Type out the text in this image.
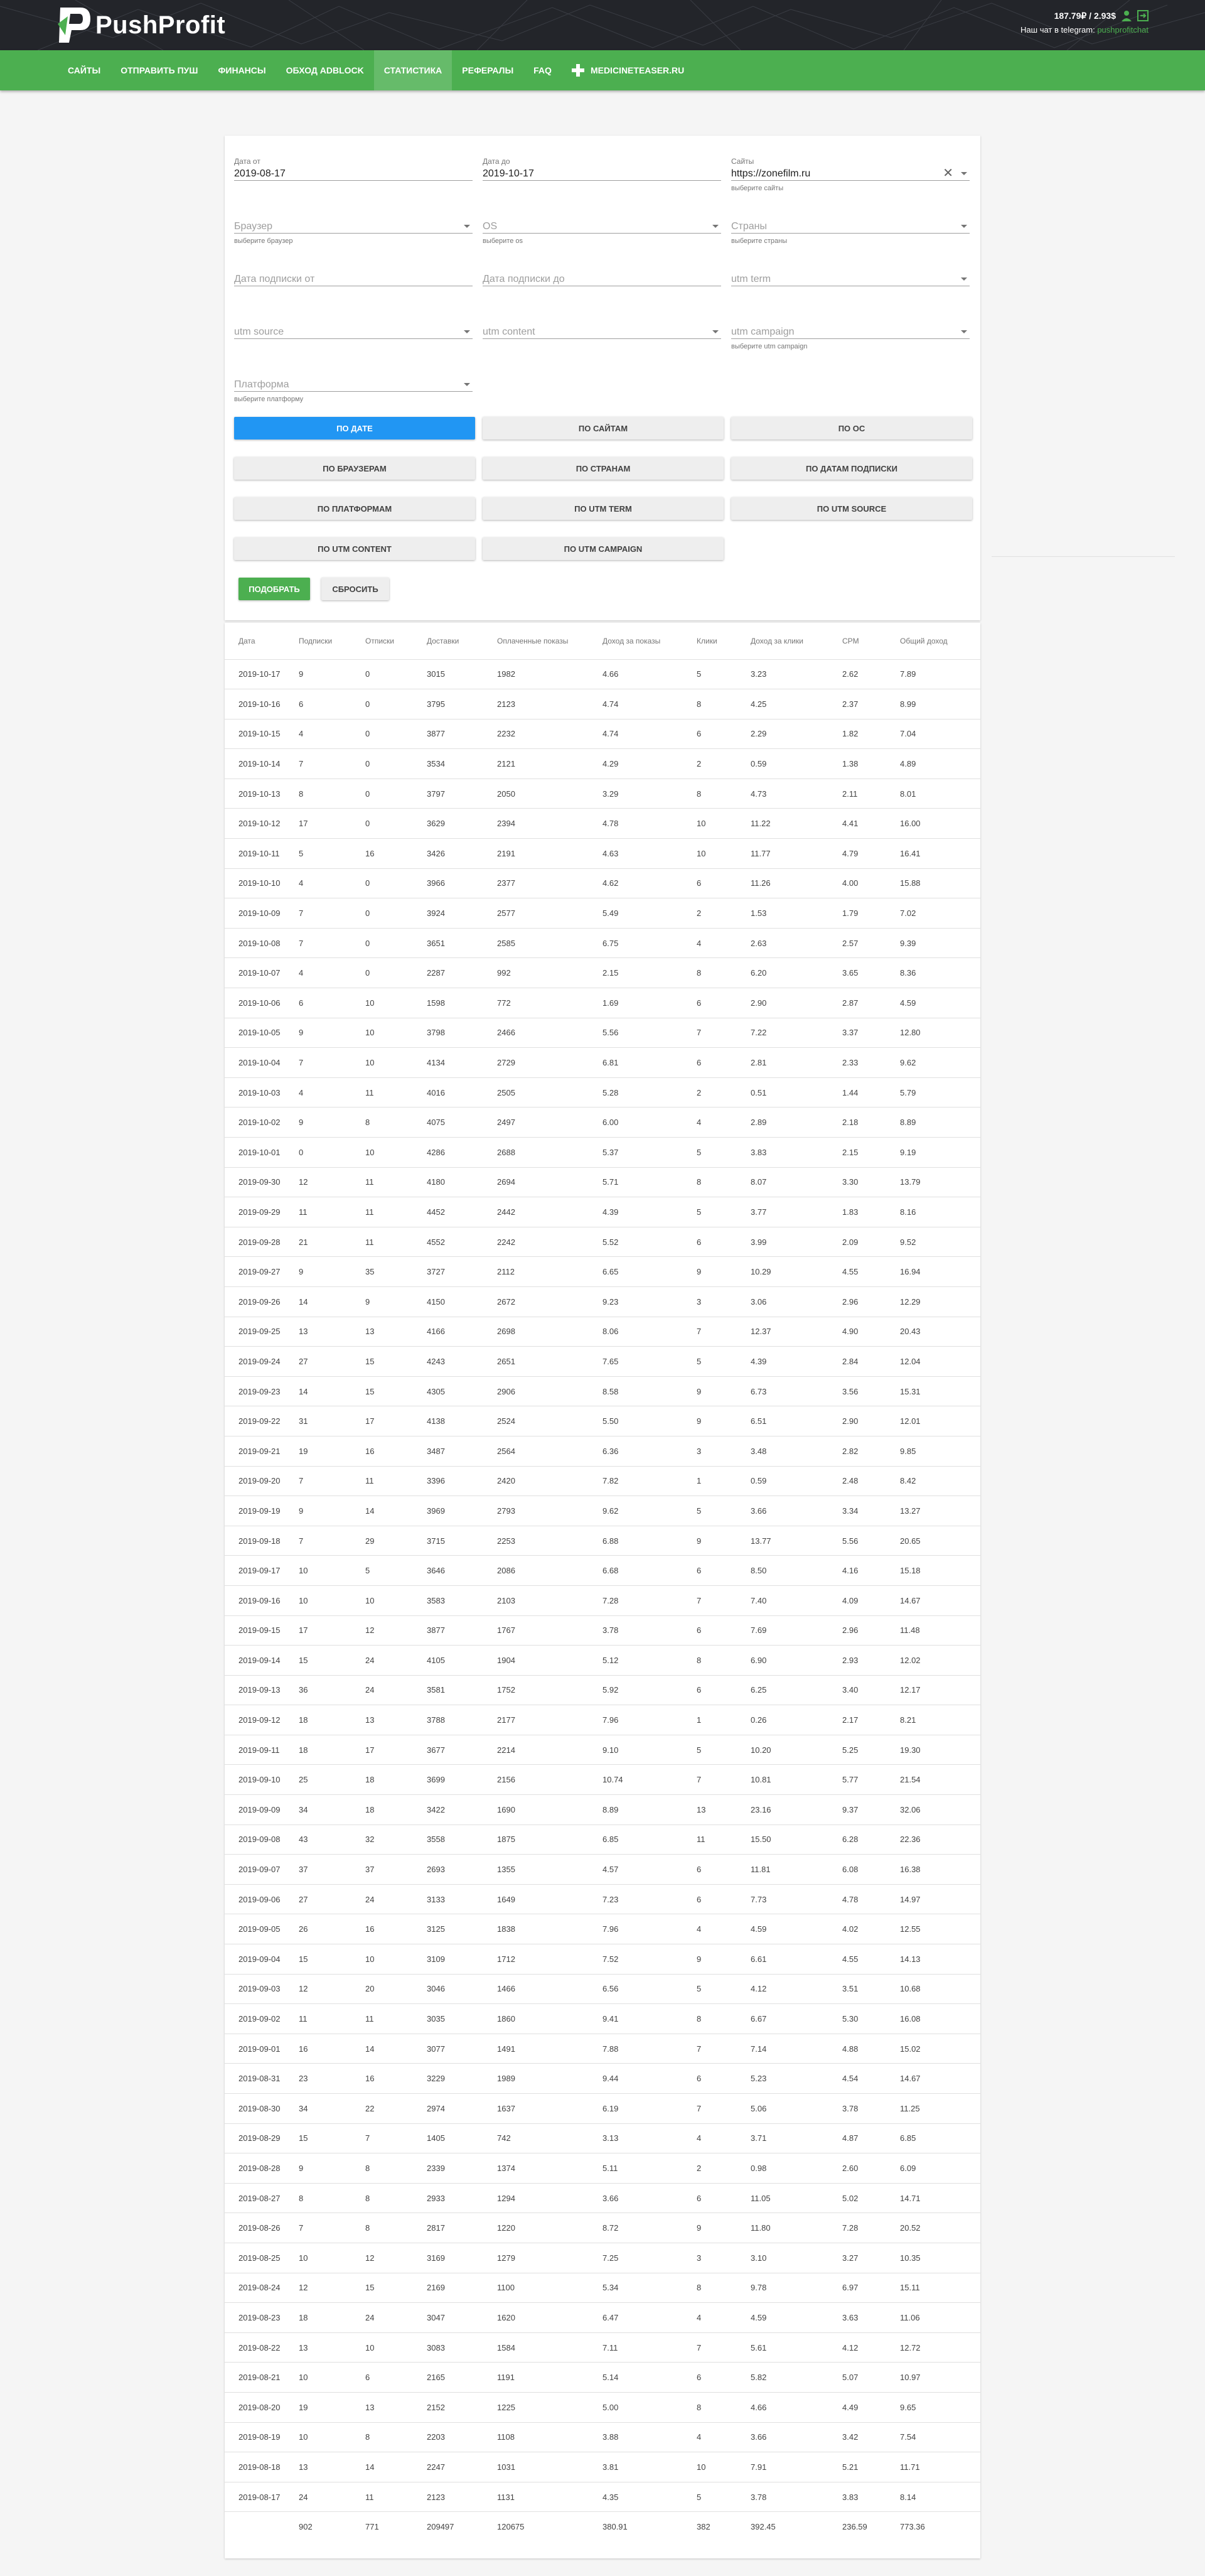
PushProfit	187.79₽ / 2.93$
Наш чат в telegram: pushprofitchat
САЙТЫ	ОТПРАВИТЬ ПУШ	ФИНАНСЫ	ОБХОД ADBLOCK	СТАТИСТИКА	РЕФЕРАЛЫ	FAQ	MEDICINETEASER.RU
Дата от
2019-08-17
Дата до
2019-10-17
Сайты
https://zonefilm.ru	✕
выберите сайты
Браузер
выберите браузер
OS
выберите os
Страны
выберите страны
Дата подписки от	Дата подписки до	utm term
utm source	utm content	utm campaign
выберите utm campaign
Платформа
выберите платформу
ПО ДАТЕ	ПО САЙТАМ	ПО ОС
ПО БРАУЗЕРАМ	ПО СТРАНАМ	ПО ДАТАМ ПОДПИСКИ
ПО ПЛАТФОРМАМ	ПО UTM TERM	ПО UTM SOURCE
ПО UTM CONTENT	ПО UTM CAMPAIGN
ПОДОБРАТЬ	СБРОСИТЬ
Дата	Подписки	Отписки	Доставки	Оплаченные показы	Доход за показы	Клики	Доход за клики	CPM	Общий доход
2019-10-17	9	0	3015	1982	4.66	5	3.23	2.62	7.89
2019-10-16	6	0	3795	2123	4.74	8	4.25	2.37	8.99
2019-10-15	4	0	3877	2232	4.74	6	2.29	1.82	7.04
2019-10-14	7	0	3534	2121	4.29	2	0.59	1.38	4.89
2019-10-13	8	0	3797	2050	3.29	8	4.73	2.11	8.01
2019-10-12	17	0	3629	2394	4.78	10	11.22	4.41	16.00
2019-10-11	5	16	3426	2191	4.63	10	11.77	4.79	16.41
2019-10-10	4	0	3966	2377	4.62	6	11.26	4.00	15.88
2019-10-09	7	0	3924	2577	5.49	2	1.53	1.79	7.02
2019-10-08	7	0	3651	2585	6.75	4	2.63	2.57	9.39
2019-10-07	4	0	2287	992	2.15	8	6.20	3.65	8.36
2019-10-06	6	10	1598	772	1.69	6	2.90	2.87	4.59
2019-10-05	9	10	3798	2466	5.56	7	7.22	3.37	12.80
2019-10-04	7	10	4134	2729	6.81	6	2.81	2.33	9.62
2019-10-03	4	11	4016	2505	5.28	2	0.51	1.44	5.79
2019-10-02	9	8	4075	2497	6.00	4	2.89	2.18	8.89
2019-10-01	0	10	4286	2688	5.37	5	3.83	2.15	9.19
2019-09-30	12	11	4180	2694	5.71	8	8.07	3.30	13.79
2019-09-29	11	11	4452	2442	4.39	5	3.77	1.83	8.16
2019-09-28	21	11	4552	2242	5.52	6	3.99	2.09	9.52
2019-09-27	9	35	3727	2112	6.65	9	10.29	4.55	16.94
2019-09-26	14	9	4150	2672	9.23	3	3.06	2.96	12.29
2019-09-25	13	13	4166	2698	8.06	7	12.37	4.90	20.43
2019-09-24	27	15	4243	2651	7.65	5	4.39	2.84	12.04
2019-09-23	14	15	4305	2906	8.58	9	6.73	3.56	15.31
2019-09-22	31	17	4138	2524	5.50	9	6.51	2.90	12.01
2019-09-21	19	16	3487	2564	6.36	3	3.48	2.82	9.85
2019-09-20	7	11	3396	2420	7.82	1	0.59	2.48	8.42
2019-09-19	9	14	3969	2793	9.62	5	3.66	3.34	13.27
2019-09-18	7	29	3715	2253	6.88	9	13.77	5.56	20.65
2019-09-17	10	5	3646	2086	6.68	6	8.50	4.16	15.18
2019-09-16	10	10	3583	2103	7.28	7	7.40	4.09	14.67
2019-09-15	17	12	3877	1767	3.78	6	7.69	2.96	11.48
2019-09-14	15	24	4105	1904	5.12	8	6.90	2.93	12.02
2019-09-13	36	24	3581	1752	5.92	6	6.25	3.40	12.17
2019-09-12	18	13	3788	2177	7.96	1	0.26	2.17	8.21
2019-09-11	18	17	3677	2214	9.10	5	10.20	5.25	19.30
2019-09-10	25	18	3699	2156	10.74	7	10.81	5.77	21.54
2019-09-09	34	18	3422	1690	8.89	13	23.16	9.37	32.06
2019-09-08	43	32	3558	1875	6.85	11	15.50	6.28	22.36
2019-09-07	37	37	2693	1355	4.57	6	11.81	6.08	16.38
2019-09-06	27	24	3133	1649	7.23	6	7.73	4.78	14.97
2019-09-05	26	16	3125	1838	7.96	4	4.59	4.02	12.55
2019-09-04	15	10	3109	1712	7.52	9	6.61	4.55	14.13
2019-09-03	12	20	3046	1466	6.56	5	4.12	3.51	10.68
2019-09-02	11	11	3035	1860	9.41	8	6.67	5.30	16.08
2019-09-01	16	14	3077	1491	7.88	7	7.14	4.88	15.02
2019-08-31	23	16	3229	1989	9.44	6	5.23	4.54	14.67
2019-08-30	34	22	2974	1637	6.19	7	5.06	3.78	11.25
2019-08-29	15	7	1405	742	3.13	4	3.71	4.87	6.85
2019-08-28	9	8	2339	1374	5.11	2	0.98	2.60	6.09
2019-08-27	8	8	2933	1294	3.66	6	11.05	5.02	14.71
2019-08-26	7	8	2817	1220	8.72	9	11.80	7.28	20.52
2019-08-25	10	12	3169	1279	7.25	3	3.10	3.27	10.35
2019-08-24	12	15	2169	1100	5.34	8	9.78	6.97	15.11
2019-08-23	18	24	3047	1620	6.47	4	4.59	3.63	11.06
2019-08-22	13	10	3083	1584	7.11	7	5.61	4.12	12.72
2019-08-21	10	6	2165	1191	5.14	6	5.82	5.07	10.97
2019-08-20	19	13	2152	1225	5.00	8	4.66	4.49	9.65
2019-08-19	10	8	2203	1108	3.88	4	3.66	3.42	7.54
2019-08-18	13	14	2247	1031	3.81	10	7.91	5.21	11.71
2019-08-17	24	11	2123	1131	4.35	5	3.78	3.83	8.14
	902	771	209497	120675	380.91	382	392.45	236.59	773.36
